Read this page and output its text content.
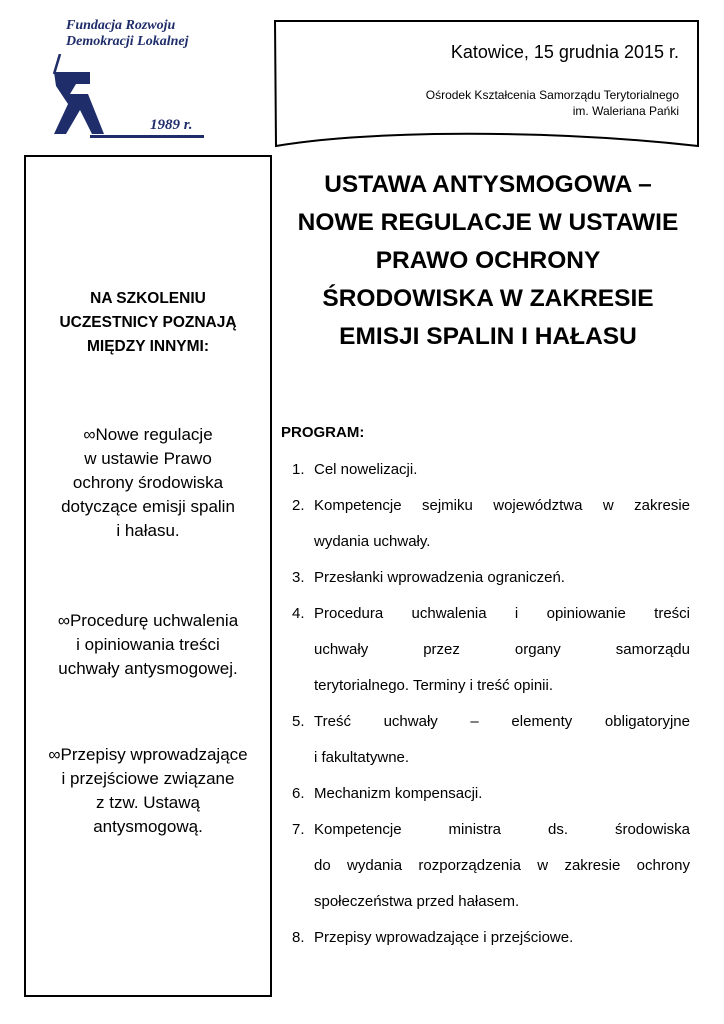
Fundacja Rozwoju
Demokracji Lokalnej
1989 r.
Katowice, 15 grudnia 2015 r.
Ośrodek Kształcenia Samorządu Terytorialnego
im. Waleriana Pańki
NA SZKOLENIU
UCZESTNICY POZNAJĄ
MIĘDZY INNYMI:
∞Nowe regulacje
w ustawie Prawo
ochrony środowiska
dotyczące emisji spalin
i hałasu.
∞Procedurę uchwalenia
i opiniowania treści
uchwały antysmogowej.
∞Przepisy wprowadzające
i przejściowe związane
z tzw. Ustawą
antysmogową.
USTAWA ANTYSMOGOWA –
NOWE REGULACJE W USTAWIE
PRAWO OCHRONY
ŚRODOWISKA W ZAKRESIE
EMISJI SPALIN I HAŁASU
PROGRAM:
1. Cel nowelizacji.
2. Kompetencje sejmiku województwa w zakresie
wydania uchwały.
3. Przesłanki wprowadzenia ograniczeń.
4. Procedura uchwalenia i opiniowanie treści
uchwały przez organy samorządu
terytorialnego. Terminy i treść opinii.
5. Treść uchwały – elementy obligatoryjne
i fakultatywne.
6. Mechanizm kompensacji.
7. Kompetencje ministra ds. środowiska
do wydania rozporządzenia w zakresie ochrony
społeczeństwa przed hałasem.
8. Przepisy wprowadzające i przejściowe.
